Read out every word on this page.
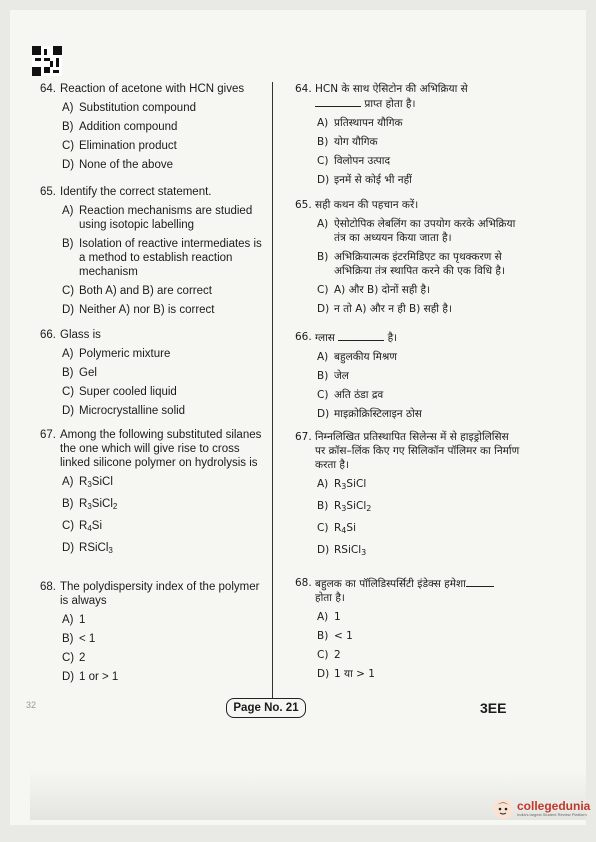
64. Reaction of acetone with HCN gives
A) Substitution compound
B) Addition compound
C) Elimination product
D) None of the above
65. Identify the correct statement.
A) Reaction mechanisms are studied using isotopic labelling
B) Isolation of reactive intermediates is a method to establish reaction mechanism
C) Both A) and B) are correct
D) Neither A) nor B) is correct
66. Glass is
A) Polymeric mixture
B) Gel
C) Super cooled liquid
D) Microcrystalline solid
67. Among the following substituted silanes the one which will give rise to cross linked silicone polymer on hydrolysis is
A) $R_3SiCl$
B) $R_3SiCl_2$
C) $R_4Si$
D) RSiCl$_3$
68. The polydispersity index of the polymer is always
A) 1
B) < 1
C) 2
D) 1 or > 1
64. HCN के साथ ऐसिटोन की अभिक्रिया से
प्राप्त होता है।
A) प्रतिस्थापन यौगिक
B) योग यौगिक
C) विलोपन उत्पाद
D) इनमें से कोई भी नहीं
65. सही कथन की पहचान करें।
A) ऐसोटोपिक लेबलिंग का उपयोग करके अभिक्रिया तंत्र का अध्ययन किया जाता है।
B) अभिक्रियात्मक इंटरमिडिएट का पृथक्करण से अभिक्रिया तंत्र स्थापित करने की एक विधि है।
C) A) और B) दोनों सही है।
D) न तो A) और न ही B) सही है।
66. ग्लास	है।
A) बहुलकीय मिश्रण
B) जेल
C) अति ठंडा द्रव
D) माइक्रोक्रिस्टिलाइन ठोस
67. निम्नलिखित प्रतिस्थापित सिलेन्स में से हाइड्रोलिसिस पर क्रॉस–लिंक किए गए सिलिकॉन पॉलिमर का निर्माण करता है।
A) $R_3SiCl$
B) $R_3SiCl_2$
C) $R_4Si$
D) RSiCl$_3$
68. बहुलक का पॉलिडिस्पर्सिटी इंडेक्स हमेशा
होता है।
A) 1
B) < 1
C) 2
D) 1 या > 1
32	Page No. 21	3EE
collegedunia
India's largest Student Review Platform
